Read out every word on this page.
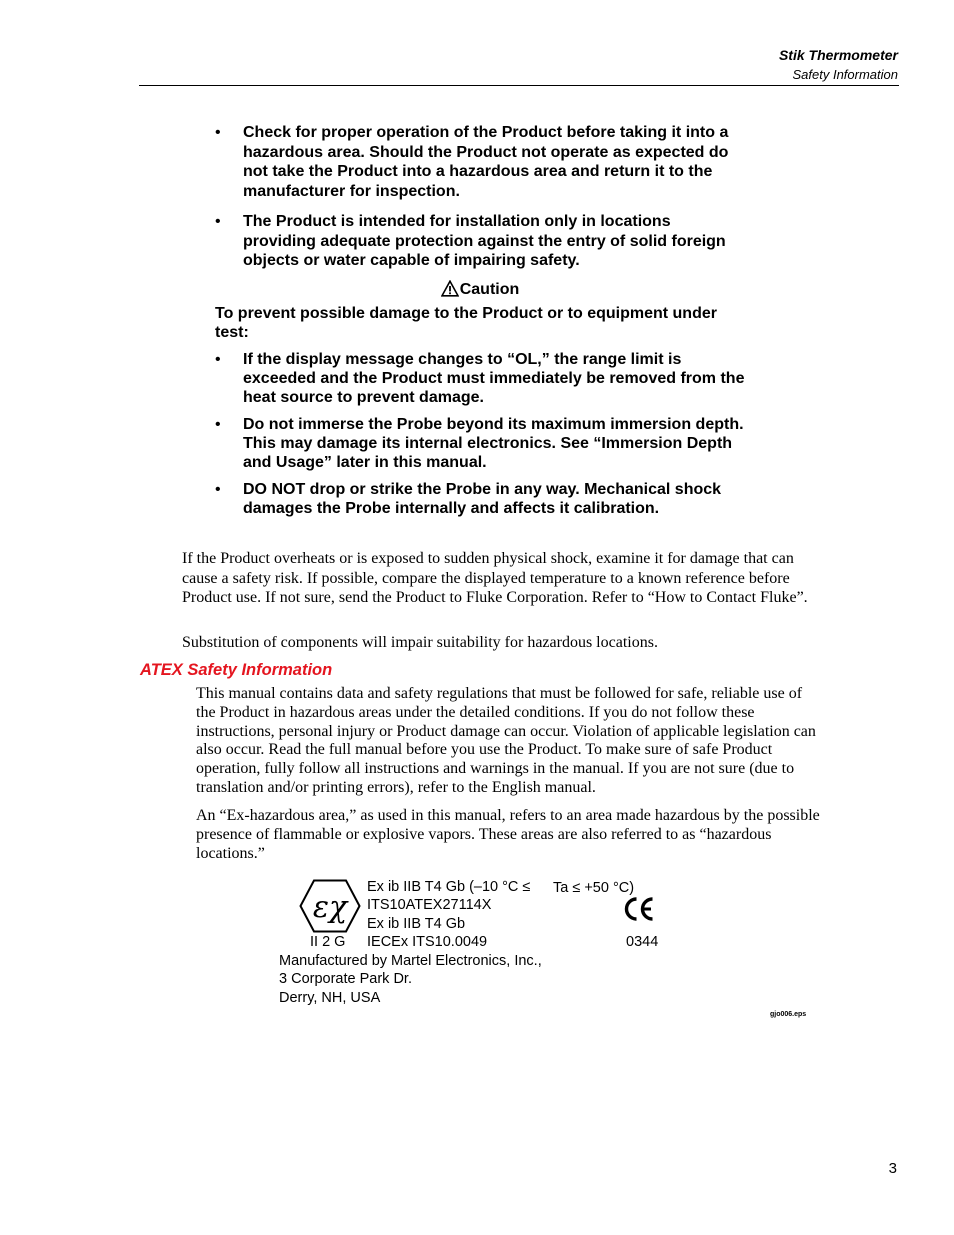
Stik Thermometer
Safety Information
• Check for proper operation of the Product before taking it into a hazardous area. Should the Product not operate as expected do not take the Product into a hazardous area and return it to the manufacturer for inspection.
• The Product is intended for installation only in locations providing adequate protection against the entry of solid foreign objects or water capable of impairing safety.
Caution
To prevent possible damage to the Product or to equipment under test:
• If the display message changes to “OL,” the range limit is exceeded and the Product must immediately be removed from the heat source to prevent damage.
• Do not immerse the Probe beyond its maximum immersion depth. This may damage its internal electronics. See “Immersion Depth and Usage” later in this manual.
• DO NOT drop or strike the Probe in any way. Mechanical shock damages the Probe internally and affects it calibration.
If the Product overheats or is exposed to sudden physical shock, examine it for damage that can cause a safety risk. If possible, compare the displayed temperature to a known reference before Product use. If not sure, send the Product to Fluke Corporation. Refer to “How to Contact Fluke”.
Substitution of components will impair suitability for hazardous locations.
ATEX Safety Information
This manual contains data and safety regulations that must be followed for safe, reliable use of the Product in hazardous areas under the detailed conditions. If you do not follow these instructions, personal injury or Product damage can occur. Violation of applicable legislation can also occur. Read the full manual before you use the Product. To make sure of safe Product operation, fully follow all instructions and warnings in the manual. If you are not sure (due to translation and/or printing errors), refer to the English manual.
An “Ex-hazardous area,” as used in this manual, refers to an area made hazardous by the possible presence of flammable or explosive vapors. These areas are also referred to as “hazardous locations.”
εχ
Ex ib IIB T4 Gb (–10 °C ≤ Ta ≤ +50 °C)
ITS10ATEX27114X
Ex ib IIB T4 Gb
II 2 G IECEx ITS10.0049	0344
Manufactured by Martel Electronics, Inc.,
3 Corporate Park Dr.
Derry, NH, USA
gjo006.eps
3
